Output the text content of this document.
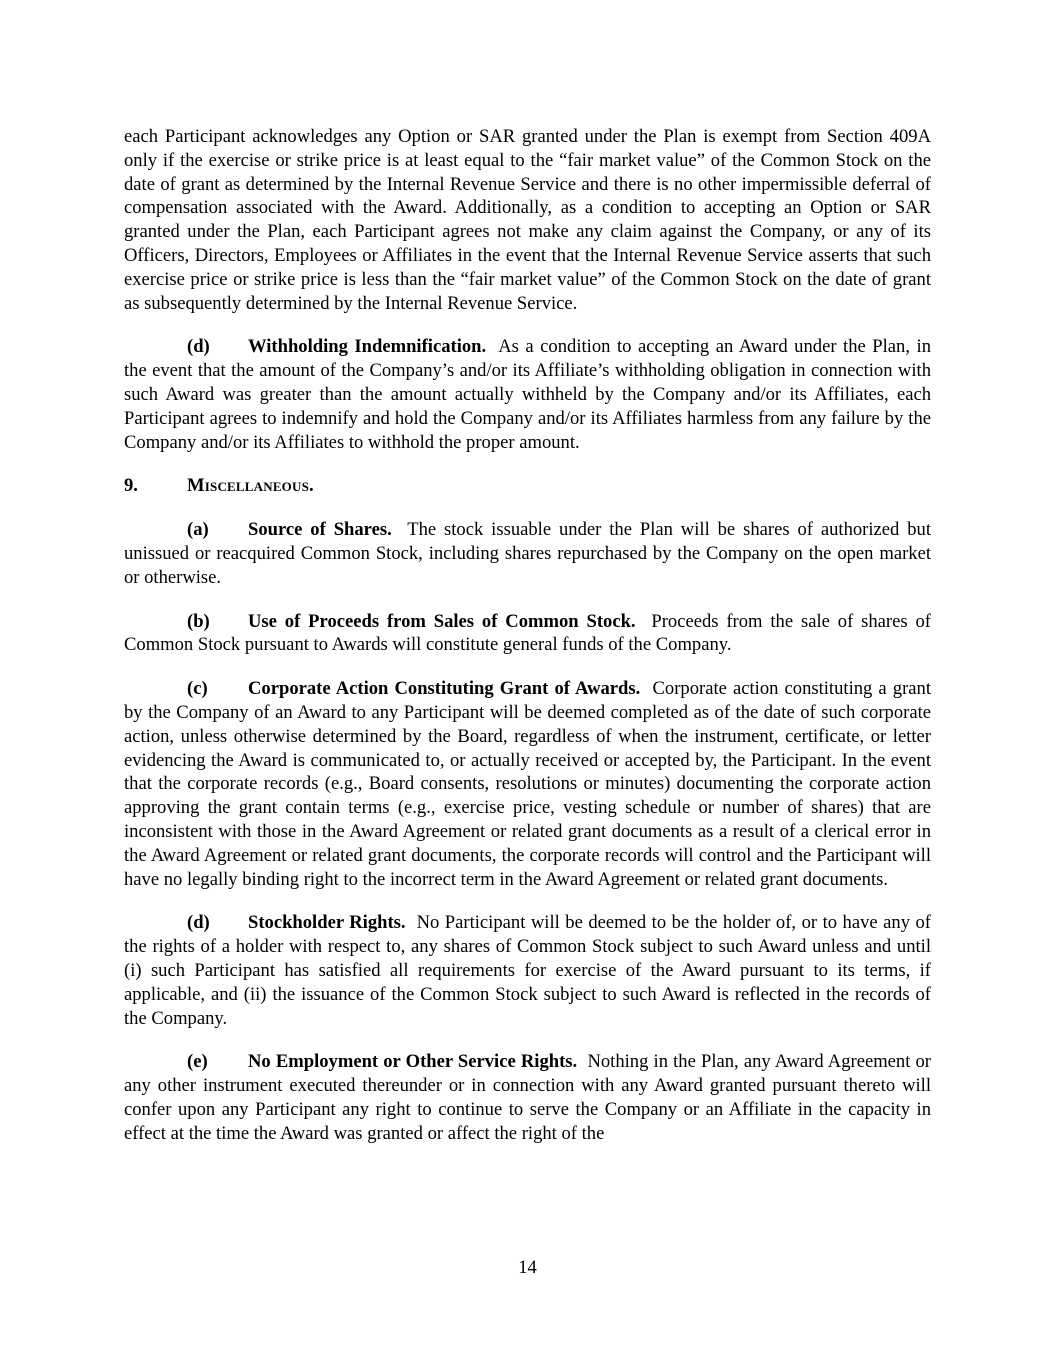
each Participant acknowledges any Option or SAR granted under the Plan is exempt from Section 409A only if the exercise or strike price is at least equal to the “fair market value” of the Common Stock on the date of grant as determined by the Internal Revenue Service and there is no other impermissible deferral of compensation associated with the Award. Additionally, as a condition to accepting an Option or SAR granted under the Plan, each Participant agrees not make any claim against the Company, or any of its Officers, Directors, Employees or Affiliates in the event that the Internal Revenue Service asserts that such exercise price or strike price is less than the “fair market value” of the Common Stock on the date of grant as subsequently determined by the Internal Revenue Service.

(d) Withholding Indemnification. As a condition to accepting an Award under the Plan, in the event that the amount of the Company’s and/or its Affiliate’s withholding obligation in connection with such Award was greater than the amount actually withheld by the Company and/or its Affiliates, each Participant agrees to indemnify and hold the Company and/or its Affiliates harmless from any failure by the Company and/or its Affiliates to withhold the proper amount.

9.	Miscellaneous.

(a) Source of Shares. The stock issuable under the Plan will be shares of authorized but unissued or reacquired Common Stock, including shares repurchased by the Company on the open market or otherwise.

(b) Use of Proceeds from Sales of Common Stock. Proceeds from the sale of shares of Common Stock pursuant to Awards will constitute general funds of the Company.

(c) Corporate Action Constituting Grant of Awards. Corporate action constituting a grant by the Company of an Award to any Participant will be deemed completed as of the date of such corporate action, unless otherwise determined by the Board, regardless of when the instrument, certificate, or letter evidencing the Award is communicated to, or actually received or accepted by, the Participant. In the event that the corporate records (e.g., Board consents, resolutions or minutes) documenting the corporate action approving the grant contain terms (e.g., exercise price, vesting schedule or number of shares) that are inconsistent with those in the Award Agreement or related grant documents as a result of a clerical error in the Award Agreement or related grant documents, the corporate records will control and the Participant will have no legally binding right to the incorrect term in the Award Agreement or related grant documents.

(d) Stockholder Rights. No Participant will be deemed to be the holder of, or to have any of the rights of a holder with respect to, any shares of Common Stock subject to such Award unless and until (i) such Participant has satisfied all requirements for exercise of the Award pursuant to its terms, if applicable, and (ii) the issuance of the Common Stock subject to such Award is reflected in the records of the Company.

(e) No Employment or Other Service Rights. Nothing in the Plan, any Award Agreement or any other instrument executed thereunder or in connection with any Award granted pursuant thereto will confer upon any Participant any right to continue to serve the Company or an Affiliate in the capacity in effect at the time the Award was granted or affect the right of the

14
